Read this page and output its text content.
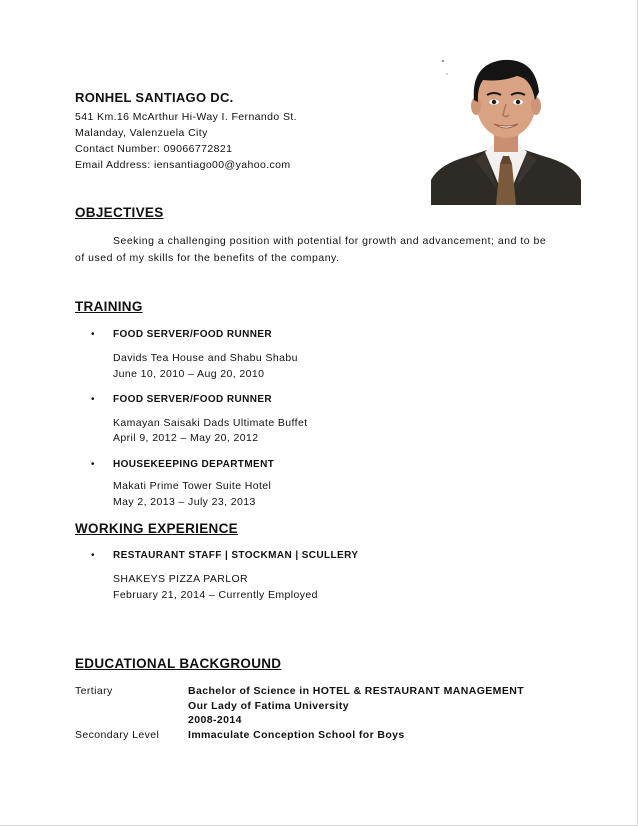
RONHEL SANTIAGO DC.
541 Km.16 McArthur Hi-Way I. Fernando St.
Malanday, Valenzuela City
Contact Number: 09066772821
Email Address: iensantiago00@yahoo.com
OBJECTIVES
Seeking a challenging position with potential for growth and advancement; and to be
of used of my skills for the benefits of the company.
TRAINING
• FOOD SERVER/FOOD RUNNER
Davids Tea House and Shabu Shabu
June 10, 2010 – Aug 20, 2010
• FOOD SERVER/FOOD RUNNER
Kamayan Saisaki Dads Ultimate Buffet
April 9, 2012 – May 20, 2012
• HOUSEKEEPING DEPARTMENT
Makati Prime Tower Suite Hotel
May 2, 2013 – July 23, 2013
WORKING EXPERIENCE
• RESTAURANT STAFF | STOCKMAN | SCULLERY
SHAKEYS PIZZA PARLOR
February 21, 2014 – Currently Employed
EDUCATIONAL BACKGROUND
Tertiary	Bachelor of Science in HOTEL & RESTAURANT MANAGEMENT
Our Lady of Fatima University
2008-2014
Secondary Level	Immaculate Conception School for Boys
